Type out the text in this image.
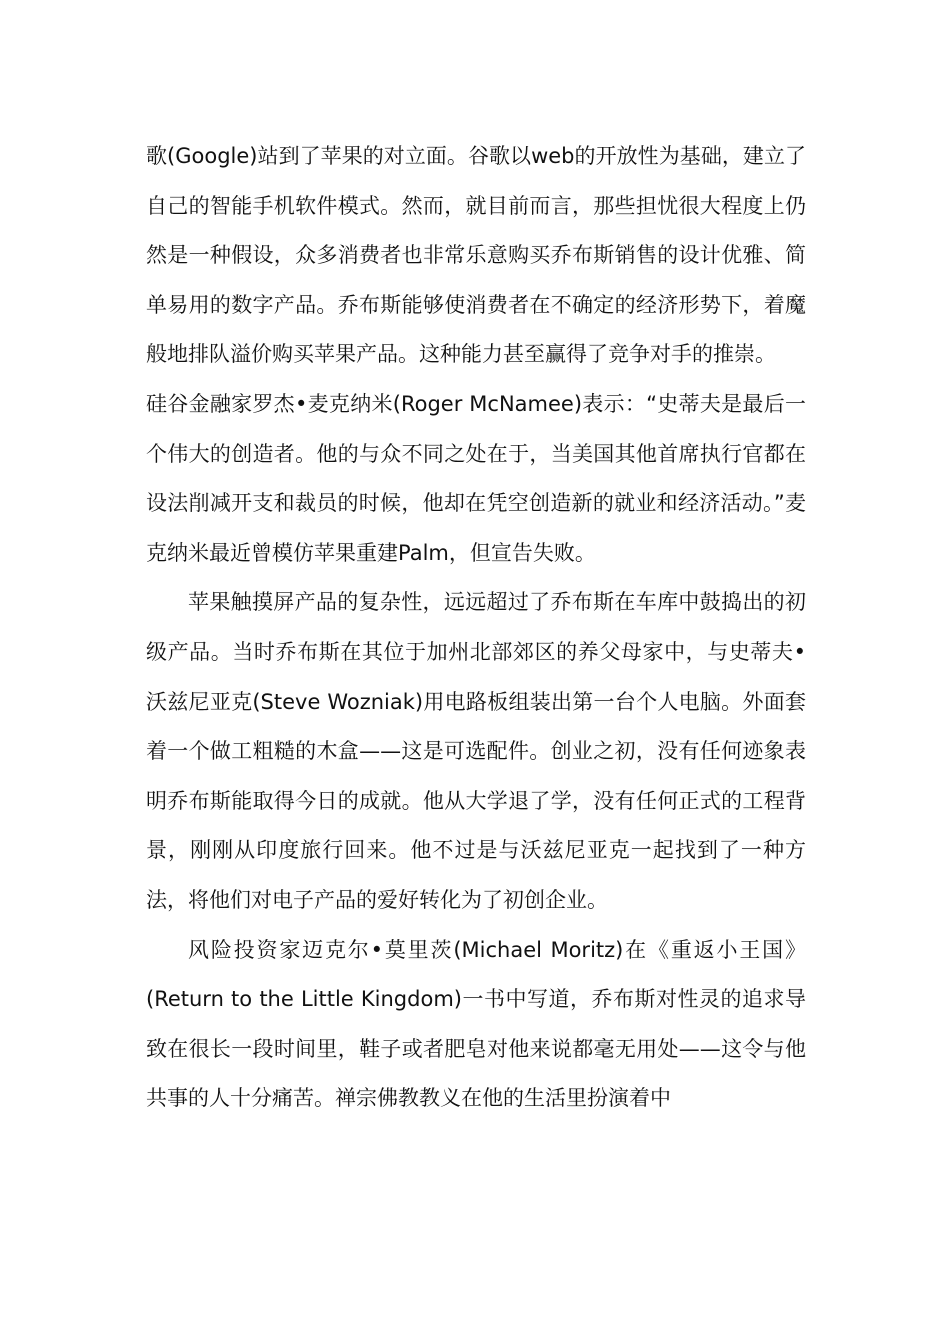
歌(Google)站到了苹果的对立面。谷歌以web的开放性为基础，建立了自己的智能手机软件模式。然而，就目前而言，那些担忧很大程度上仍然是一种假设，众多消费者也非常乐意购买乔布斯销售的设计优雅、简单易用的数字产品。乔布斯能够使消费者在不确定的经济形势下，着魔般地排队溢价购买苹果产品。这种能力甚至赢得了竞争对手的推崇。

硅谷金融家罗杰•麦克纳米(Roger McNamee)表示：“史蒂夫是最后一个伟大的创造者。他的与众不同之处在于，当美国其他首席执行官都在设法削减开支和裁员的时候，他却在凭空创造新的就业和经济活动。”麦克纳米最近曾模仿苹果重建Palm，但宣告失败。

苹果触摸屏产品的复杂性，远远超过了乔布斯在车库中鼓捣出的初级产品。当时乔布斯在其位于加州北部郊区的养父母家中，与史蒂夫•沃兹尼亚克(Steve Wozniak)用电路板组装出第一台个人电脑。外面套着一个做工粗糙的木盒——这是可选配件。创业之初，没有任何迹象表明乔布斯能取得今日的成就。他从大学退了学，没有任何正式的工程背景，刚刚从印度旅行回来。他不过是与沃兹尼亚克一起找到了一种方法，将他们对电子产品的爱好转化为了初创企业。

风险投资家迈克尔•莫里茨(Michael Moritz)在《重返小王国》(Return to the Little Kingdom)一书中写道，乔布斯对性灵的追求导致在很长一段时间里，鞋子或者肥皂对他来说都毫无用处——这令与他共事的人十分痛苦。禅宗佛教教义在他的生活里扮演着中
